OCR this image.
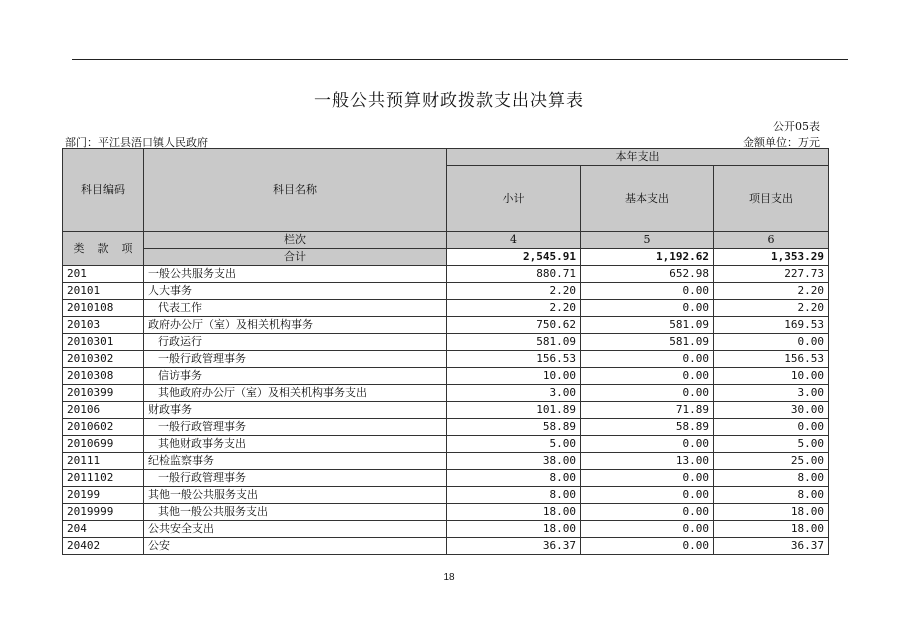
一般公共预算财政拨款支出决算表
公开05表
部门：平江县浯口镇人民政府	金额单位：万元
科目编码	科目名称	本年支出		
		小计	基本支出	项目支出

类 款 项	栏次	4	5	6
	合计	2,545.91	1,192.62	1,353.29
201	一般公共服务支出	880.71	652.98	227.73
20101	人大事务	2.20	0.00	2.20
2010108	代表工作	2.20	0.00	2.20
20103	政府办公厅（室）及相关机构事务	750.62	581.09	169.53
2010301	行政运行	581.09	581.09	0.00
2010302	一般行政管理事务	156.53	0.00	156.53
2010308	信访事务	10.00	0.00	10.00
2010399	其他政府办公厅（室）及相关机构事务支出	3.00	0.00	3.00
20106	财政事务	101.89	71.89	30.00
2010602	一般行政管理事务	58.89	58.89	0.00
2010699	其他财政事务支出	5.00	0.00	5.00
20111	纪检监察事务	38.00	13.00	25.00
2011102	一般行政管理事务	8.00	0.00	8.00
20199	其他一般公共服务支出	8.00	0.00	8.00
2019999	其他一般公共服务支出	18.00	0.00	18.00
204	公共安全支出	18.00	0.00	18.00
20402	公安	36.37	0.00	36.37
18
